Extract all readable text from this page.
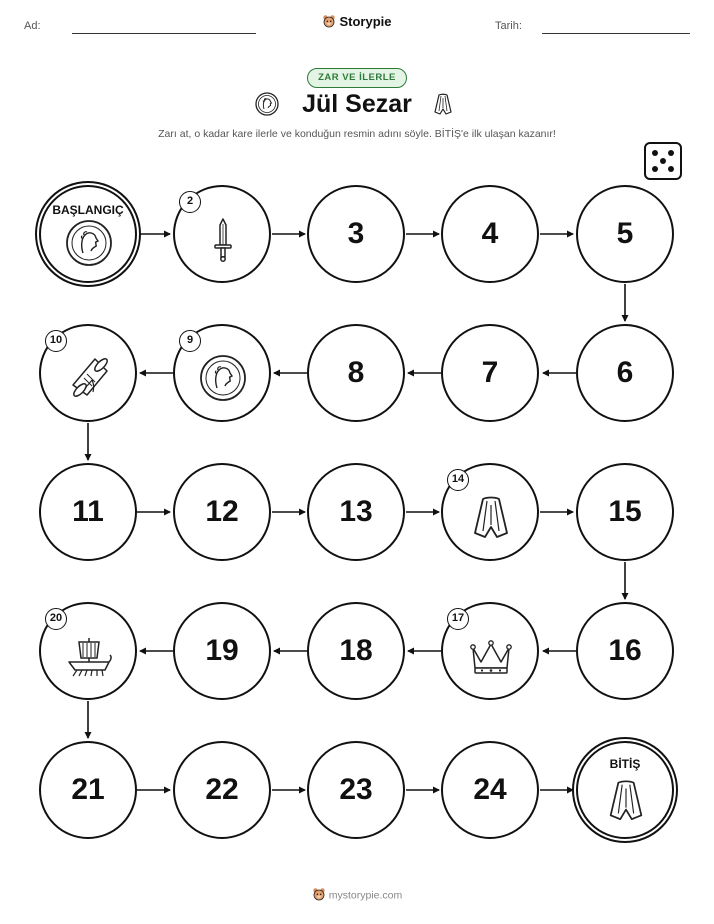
Ad:	Storypie	Tarih:
ZAR VE İLERLE
Jül Sezar
Zarı at, o kadar kare ilerle ve konduğun resmin adını söyle. BİTİŞ'e ilk ulaşan kazanır!
BAŞLANGIÇ
2
3	4	5
10	9
8	7	6
11	12	13
14
15
20
19	18
17
16
21	22	23	24
BİTİŞ
mystorypie.com
